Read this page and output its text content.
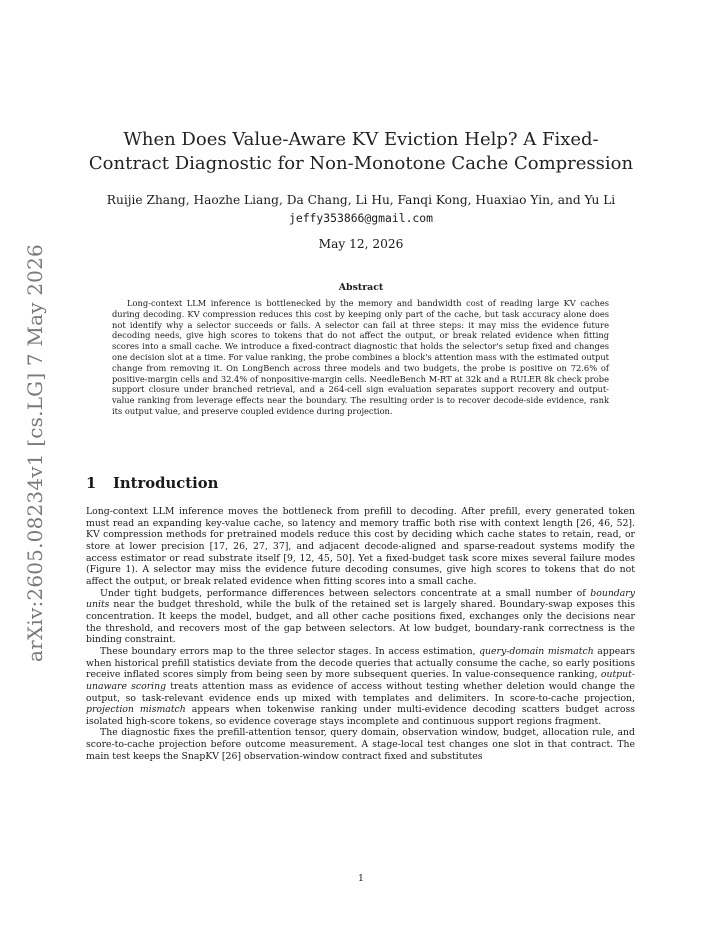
arXiv:2605.08234v1 [cs.LG] 7 May 2026
When Does Value-Aware KV Eviction Help? A Fixed-Contract Diagnostic for Non-Monotone Cache Compression
Ruijie Zhang, Haozhe Liang, Da Chang, Li Hu, Fanqi Kong, Huaxiao Yin, and Yu Li
jeffy353866@gmail.com
May 12, 2026
Abstract

Long-context LLM inference is bottlenecked by the memory and bandwidth cost of reading large KV caches during decoding. KV compression reduces this cost by keeping only part of the cache, but task accuracy alone does not identify why a selector succeeds or fails. A selector can fail at three steps: it may miss the evidence future decoding needs, give high scores to tokens that do not affect the output, or break related evidence when fitting scores into a small cache. We introduce a fixed-contract diagnostic that holds the selector's setup fixed and changes one decision slot at a time. For value ranking, the probe combines a block's attention mass with the estimated output change from removing it. On LongBench across three models and two budgets, the probe is positive on 72.6% of positive-margin cells and 32.4% of nonpositive-margin cells. NeedleBench M-RT at 32k and a RULER 8k check probe support closure under branched retrieval, and a 264-cell sign evaluation separates support recovery and output-value ranking from leverage effects near the boundary. The resulting order is to recover decode-side evidence, rank its output value, and preserve coupled evidence during projection.

1 Introduction

Long-context LLM inference moves the bottleneck from prefill to decoding. After prefill, every generated token must read an expanding key-value cache, so latency and memory traffic both rise with context length [26, 46, 52]. KV compression methods for pretrained models reduce this cost by deciding which cache states to retain, read, or store at lower precision [17, 26, 27, 37], and adjacent decode-aligned and sparse-readout systems modify the access estimator or read substrate itself [9, 12, 45, 50]. Yet a fixed-budget task score mixes several failure modes (Figure 1). A selector may miss the evidence future decoding consumes, give high scores to tokens that do not affect the output, or break related evidence when fitting scores into a small cache.

Under tight budgets, performance differences between selectors concentrate at a small number of boundary units near the budget threshold, while the bulk of the retained set is largely shared. Boundary-swap exposes this concentration. It keeps the model, budget, and all other cache positions fixed, exchanges only the decisions near the threshold, and recovers most of the gap between selectors. At low budget, boundary-rank correctness is the binding constraint.

These boundary errors map to the three selector stages. In access estimation, query-domain mismatch appears when historical prefill statistics deviate from the decode queries that actually consume the cache, so early positions receive inflated scores simply from being seen by more subsequent queries. In value-consequence ranking, output-unaware scoring treats attention mass as evidence of access without testing whether deletion would change the output, so task-relevant evidence ends up mixed with templates and delimiters. In score-to-cache projection, projection mismatch appears when tokenwise ranking under multi-evidence decoding scatters budget across isolated high-score tokens, so evidence coverage stays incomplete and continuous support regions fragment.

The diagnostic fixes the prefill-attention tensor, query domain, observation window, budget, allocation rule, and score-to-cache projection before outcome measurement. A stage-local test changes one slot in that contract. The main test keeps the SnapKV [26] observation-window contract fixed and substitutes

1
